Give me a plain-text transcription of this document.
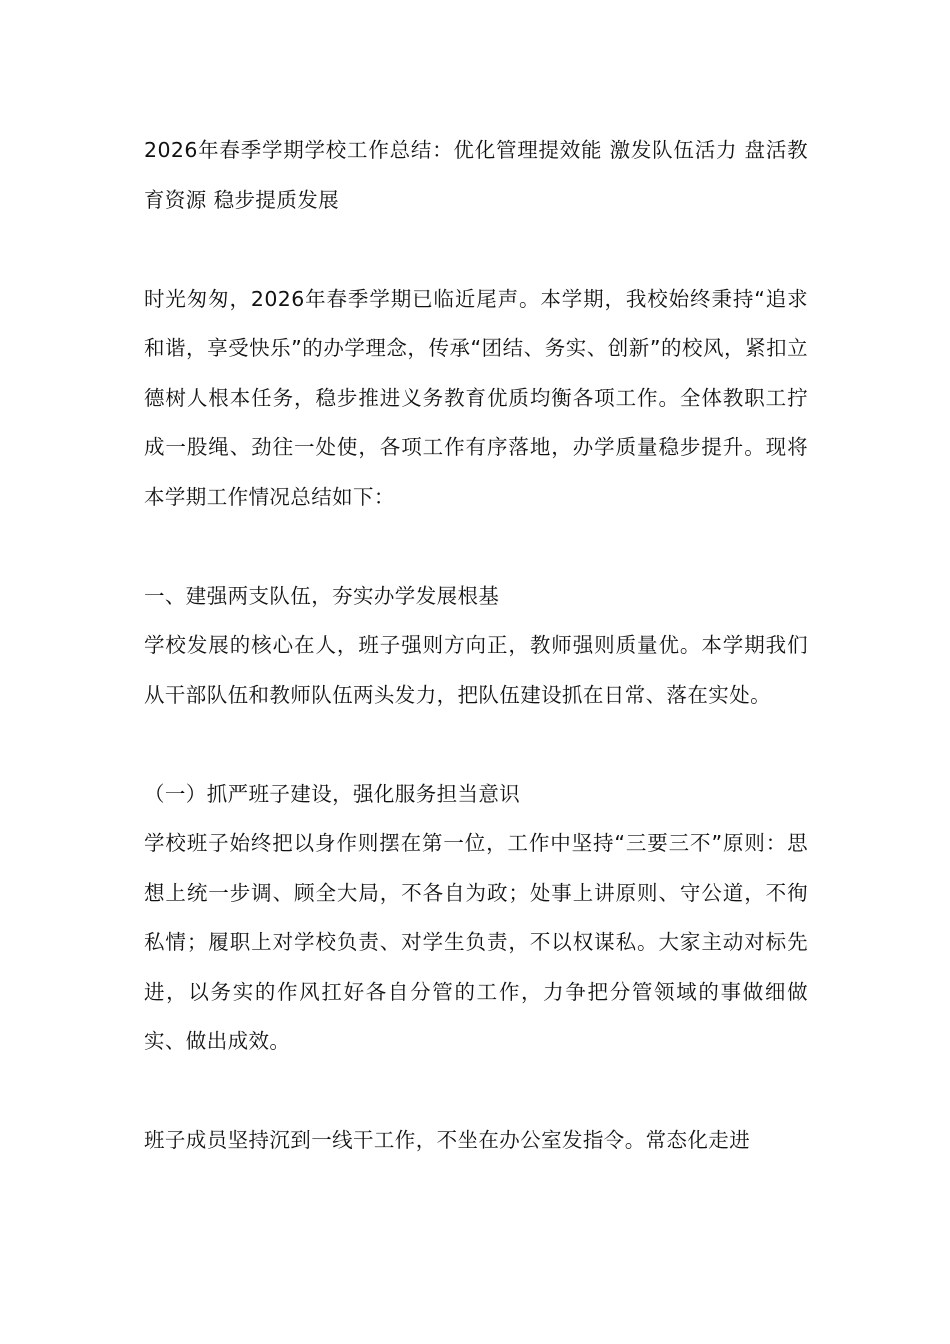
2026年春季学期学校工作总结：优化管理提效能 激发队伍活力 盘活教育资源 稳步提质发展

时光匆匆，2026年春季学期已临近尾声。本学期，我校始终秉持“追求和谐，享受快乐”的办学理念，传承“团结、务实、创新”的校风，紧扣立德树人根本任务，稳步推进义务教育优质均衡各项工作。全体教职工拧成一股绳、劲往一处使，各项工作有序落地，办学质量稳步提升。现将本学期工作情况总结如下：

一、建强两支队伍，夯实办学发展根基

学校发展的核心在人，班子强则方向正，教师强则质量优。本学期我们从干部队伍和教师队伍两头发力，把队伍建设抓在日常、落在实处。

（一）抓严班子建设，强化服务担当意识

学校班子始终把以身作则摆在第一位，工作中坚持“三要三不”原则：思想上统一步调、顾全大局，不各自为政；处事上讲原则、守公道，不徇私情；履职上对学校负责、对学生负责，不以权谋私。大家主动对标先进，以务实的作风扛好各自分管的工作，力争把分管领域的事做细做实、做出成效。

班子成员坚持沉到一线干工作，不坐在办公室发指令。常态化走进
